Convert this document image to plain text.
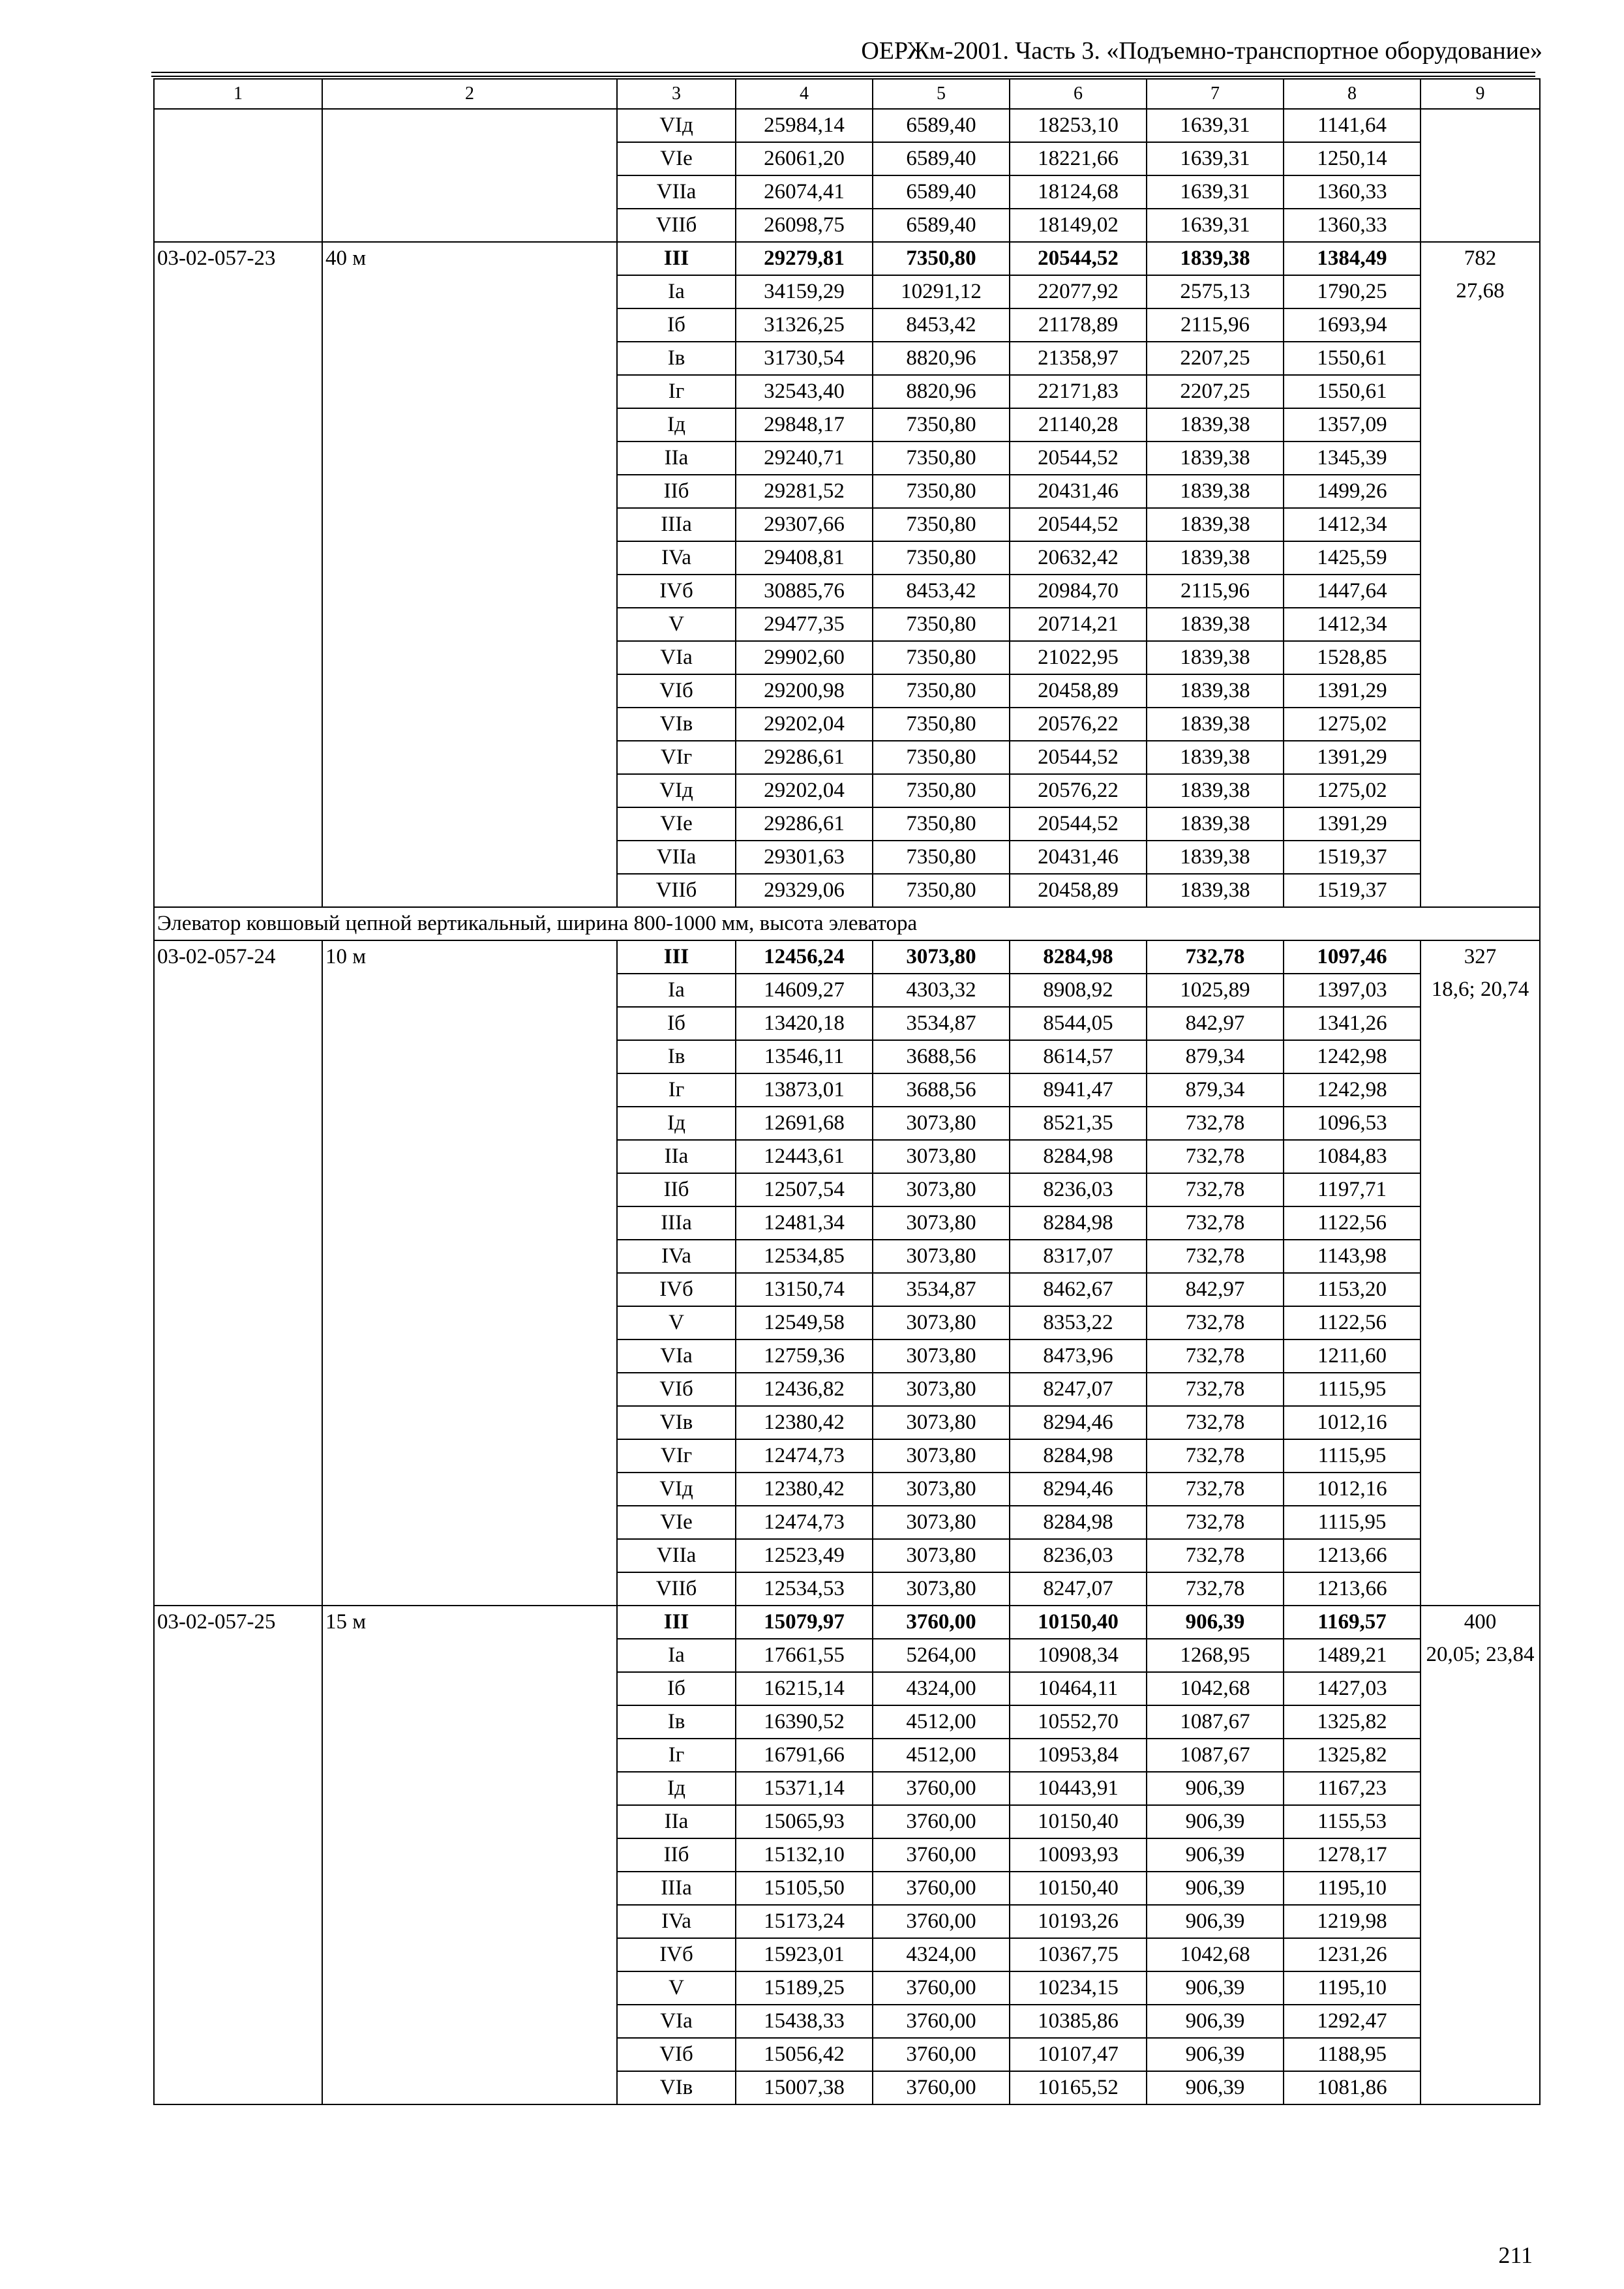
ОЕРЖм-2001. Часть 3. «Подъемно-транспортное оборудование»
1	2	3	4	5	6	7	8	9
		VIд	25984,14	6589,40	18253,10	1639,31	1141,64	
		VIe	26061,20	6589,40	18221,66	1639,31	1250,14	
		VIIa	26074,41	6589,40	18124,68	1639,31	1360,33	
		VIIб	26098,75	6589,40	18149,02	1639,31	1360,33	
03-02-057-23	40 м	III	29279,81	7350,80	20544,52	1839,38	1384,49	782
		Ia	34159,29	10291,12	22077,92	2575,13	1790,25	27,68
		Iб	31326,25	8453,42	21178,89	2115,96	1693,94	
		Iв	31730,54	8820,96	21358,97	2207,25	1550,61	
		Iг	32543,40	8820,96	22171,83	2207,25	1550,61	
		Iд	29848,17	7350,80	21140,28	1839,38	1357,09	
		IIa	29240,71	7350,80	20544,52	1839,38	1345,39	
		IIб	29281,52	7350,80	20431,46	1839,38	1499,26	
		IIIa	29307,66	7350,80	20544,52	1839,38	1412,34	
		IVa	29408,81	7350,80	20632,42	1839,38	1425,59	
		IVб	30885,76	8453,42	20984,70	2115,96	1447,64	
		V	29477,35	7350,80	20714,21	1839,38	1412,34	
		VIa	29902,60	7350,80	21022,95	1839,38	1528,85	
		VIб	29200,98	7350,80	20458,89	1839,38	1391,29	
		VIв	29202,04	7350,80	20576,22	1839,38	1275,02	
		VIг	29286,61	7350,80	20544,52	1839,38	1391,29	
		VIд	29202,04	7350,80	20576,22	1839,38	1275,02	
		VIe	29286,61	7350,80	20544,52	1839,38	1391,29	
		VIIa	29301,63	7350,80	20431,46	1839,38	1519,37	
		VIIб	29329,06	7350,80	20458,89	1839,38	1519,37	
Элеватор ковшовый цепной вертикальный, ширина 800-1000 мм, высота элеватора								
03-02-057-24	10 м	III	12456,24	3073,80	8284,98	732,78	1097,46	327
		Ia	14609,27	4303,32	8908,92	1025,89	1397,03	18,6; 20,74
		Iб	13420,18	3534,87	8544,05	842,97	1341,26	
		Iв	13546,11	3688,56	8614,57	879,34	1242,98	
		Iг	13873,01	3688,56	8941,47	879,34	1242,98	
		Iд	12691,68	3073,80	8521,35	732,78	1096,53	
		IIa	12443,61	3073,80	8284,98	732,78	1084,83	
		IIб	12507,54	3073,80	8236,03	732,78	1197,71	
		IIIa	12481,34	3073,80	8284,98	732,78	1122,56	
		IVa	12534,85	3073,80	8317,07	732,78	1143,98	
		IVб	13150,74	3534,87	8462,67	842,97	1153,20	
		V	12549,58	3073,80	8353,22	732,78	1122,56	
		VIa	12759,36	3073,80	8473,96	732,78	1211,60	
		VIб	12436,82	3073,80	8247,07	732,78	1115,95	
		VIв	12380,42	3073,80	8294,46	732,78	1012,16	
		VIг	12474,73	3073,80	8284,98	732,78	1115,95	
		VIд	12380,42	3073,80	8294,46	732,78	1012,16	
		VIe	12474,73	3073,80	8284,98	732,78	1115,95	
		VIIa	12523,49	3073,80	8236,03	732,78	1213,66	
		VIIб	12534,53	3073,80	8247,07	732,78	1213,66	
03-02-057-25	15 м	III	15079,97	3760,00	10150,40	906,39	1169,57	400
		Ia	17661,55	5264,00	10908,34	1268,95	1489,21	20,05; 23,84
		Iб	16215,14	4324,00	10464,11	1042,68	1427,03	
		Iв	16390,52	4512,00	10552,70	1087,67	1325,82	
		Iг	16791,66	4512,00	10953,84	1087,67	1325,82	
		Iд	15371,14	3760,00	10443,91	906,39	1167,23	
		IIa	15065,93	3760,00	10150,40	906,39	1155,53	
		IIб	15132,10	3760,00	10093,93	906,39	1278,17	
		IIIa	15105,50	3760,00	10150,40	906,39	1195,10	
		IVa	15173,24	3760,00	10193,26	906,39	1219,98	
		IVб	15923,01	4324,00	10367,75	1042,68	1231,26	
		V	15189,25	3760,00	10234,15	906,39	1195,10	
		VIa	15438,33	3760,00	10385,86	906,39	1292,47	
		VIб	15056,42	3760,00	10107,47	906,39	1188,95	
		VIв	15007,38	3760,00	10165,52	906,39	1081,86	
211
